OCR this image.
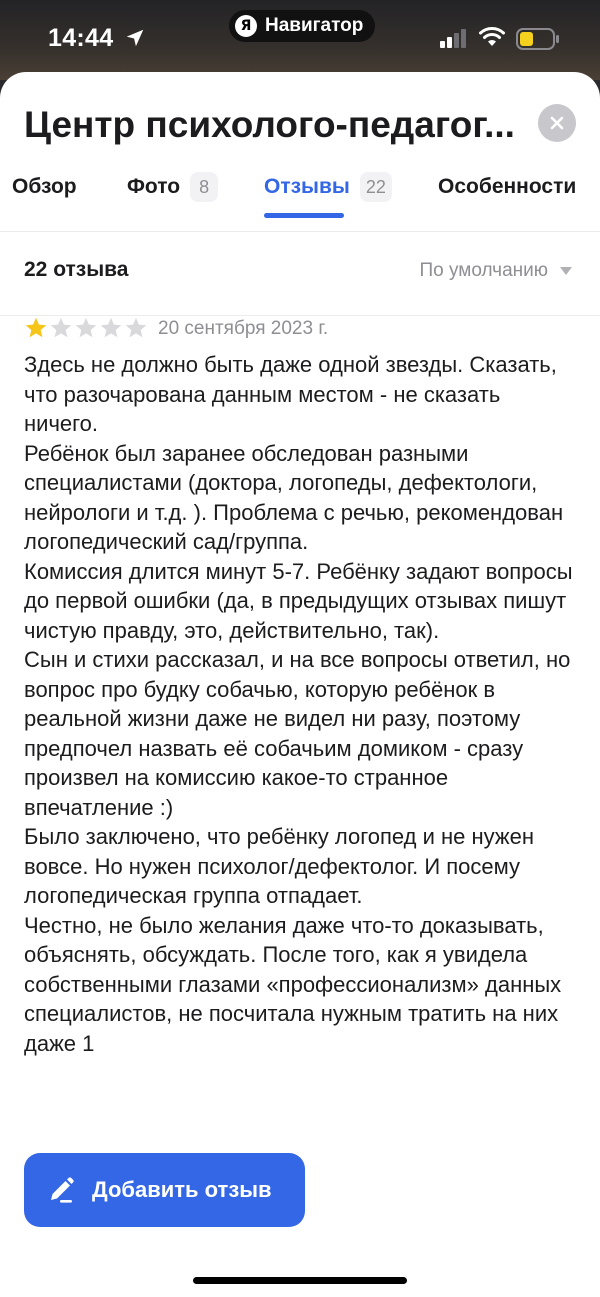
14:44	Я Навигатор
Центр психолого-педагог...
Обзор Фото	8	Отзывы 22 Особенности
22 отзыва	По умолчанию
20 сентября 2023 г.

Здесь не должно быть даже одной звезды. Сказать, что разочарована данным местом - не сказать ничего.

Ребёнок был заранее обследован разными специалистами (доктора, логопеды, дефектологи, нейрологи и т.д. ). Проблема с речью, рекомендован логопедический сад/группа.

Комиссия длится минут 5-7. Ребёнку задают вопросы до первой ошибки (да, в предыдущих отзывах пишут чистую правду, это, действительно, так).

Сын и стихи рассказал, и на все вопросы ответил, но вопрос про будку собачью, которую ребёнок в реальной жизни даже не видел ни разу, поэтому предпочел назвать её собачьим домиком - сразу произвел на комиссию какое-то странное впечатление :)

Было заключено, что ребёнку логопед и не нужен вовсе. Но нужен психолог/дефектолог. И посему логопедическая группа отпадает.

Честно, не было желания даже что-то доказывать, объяснять, обсуждать. После того, как я увидела собственными глазами «профессионализм» данных специалистов, не посчитала нужным тратить на них даже 1

Добавить отзыв
